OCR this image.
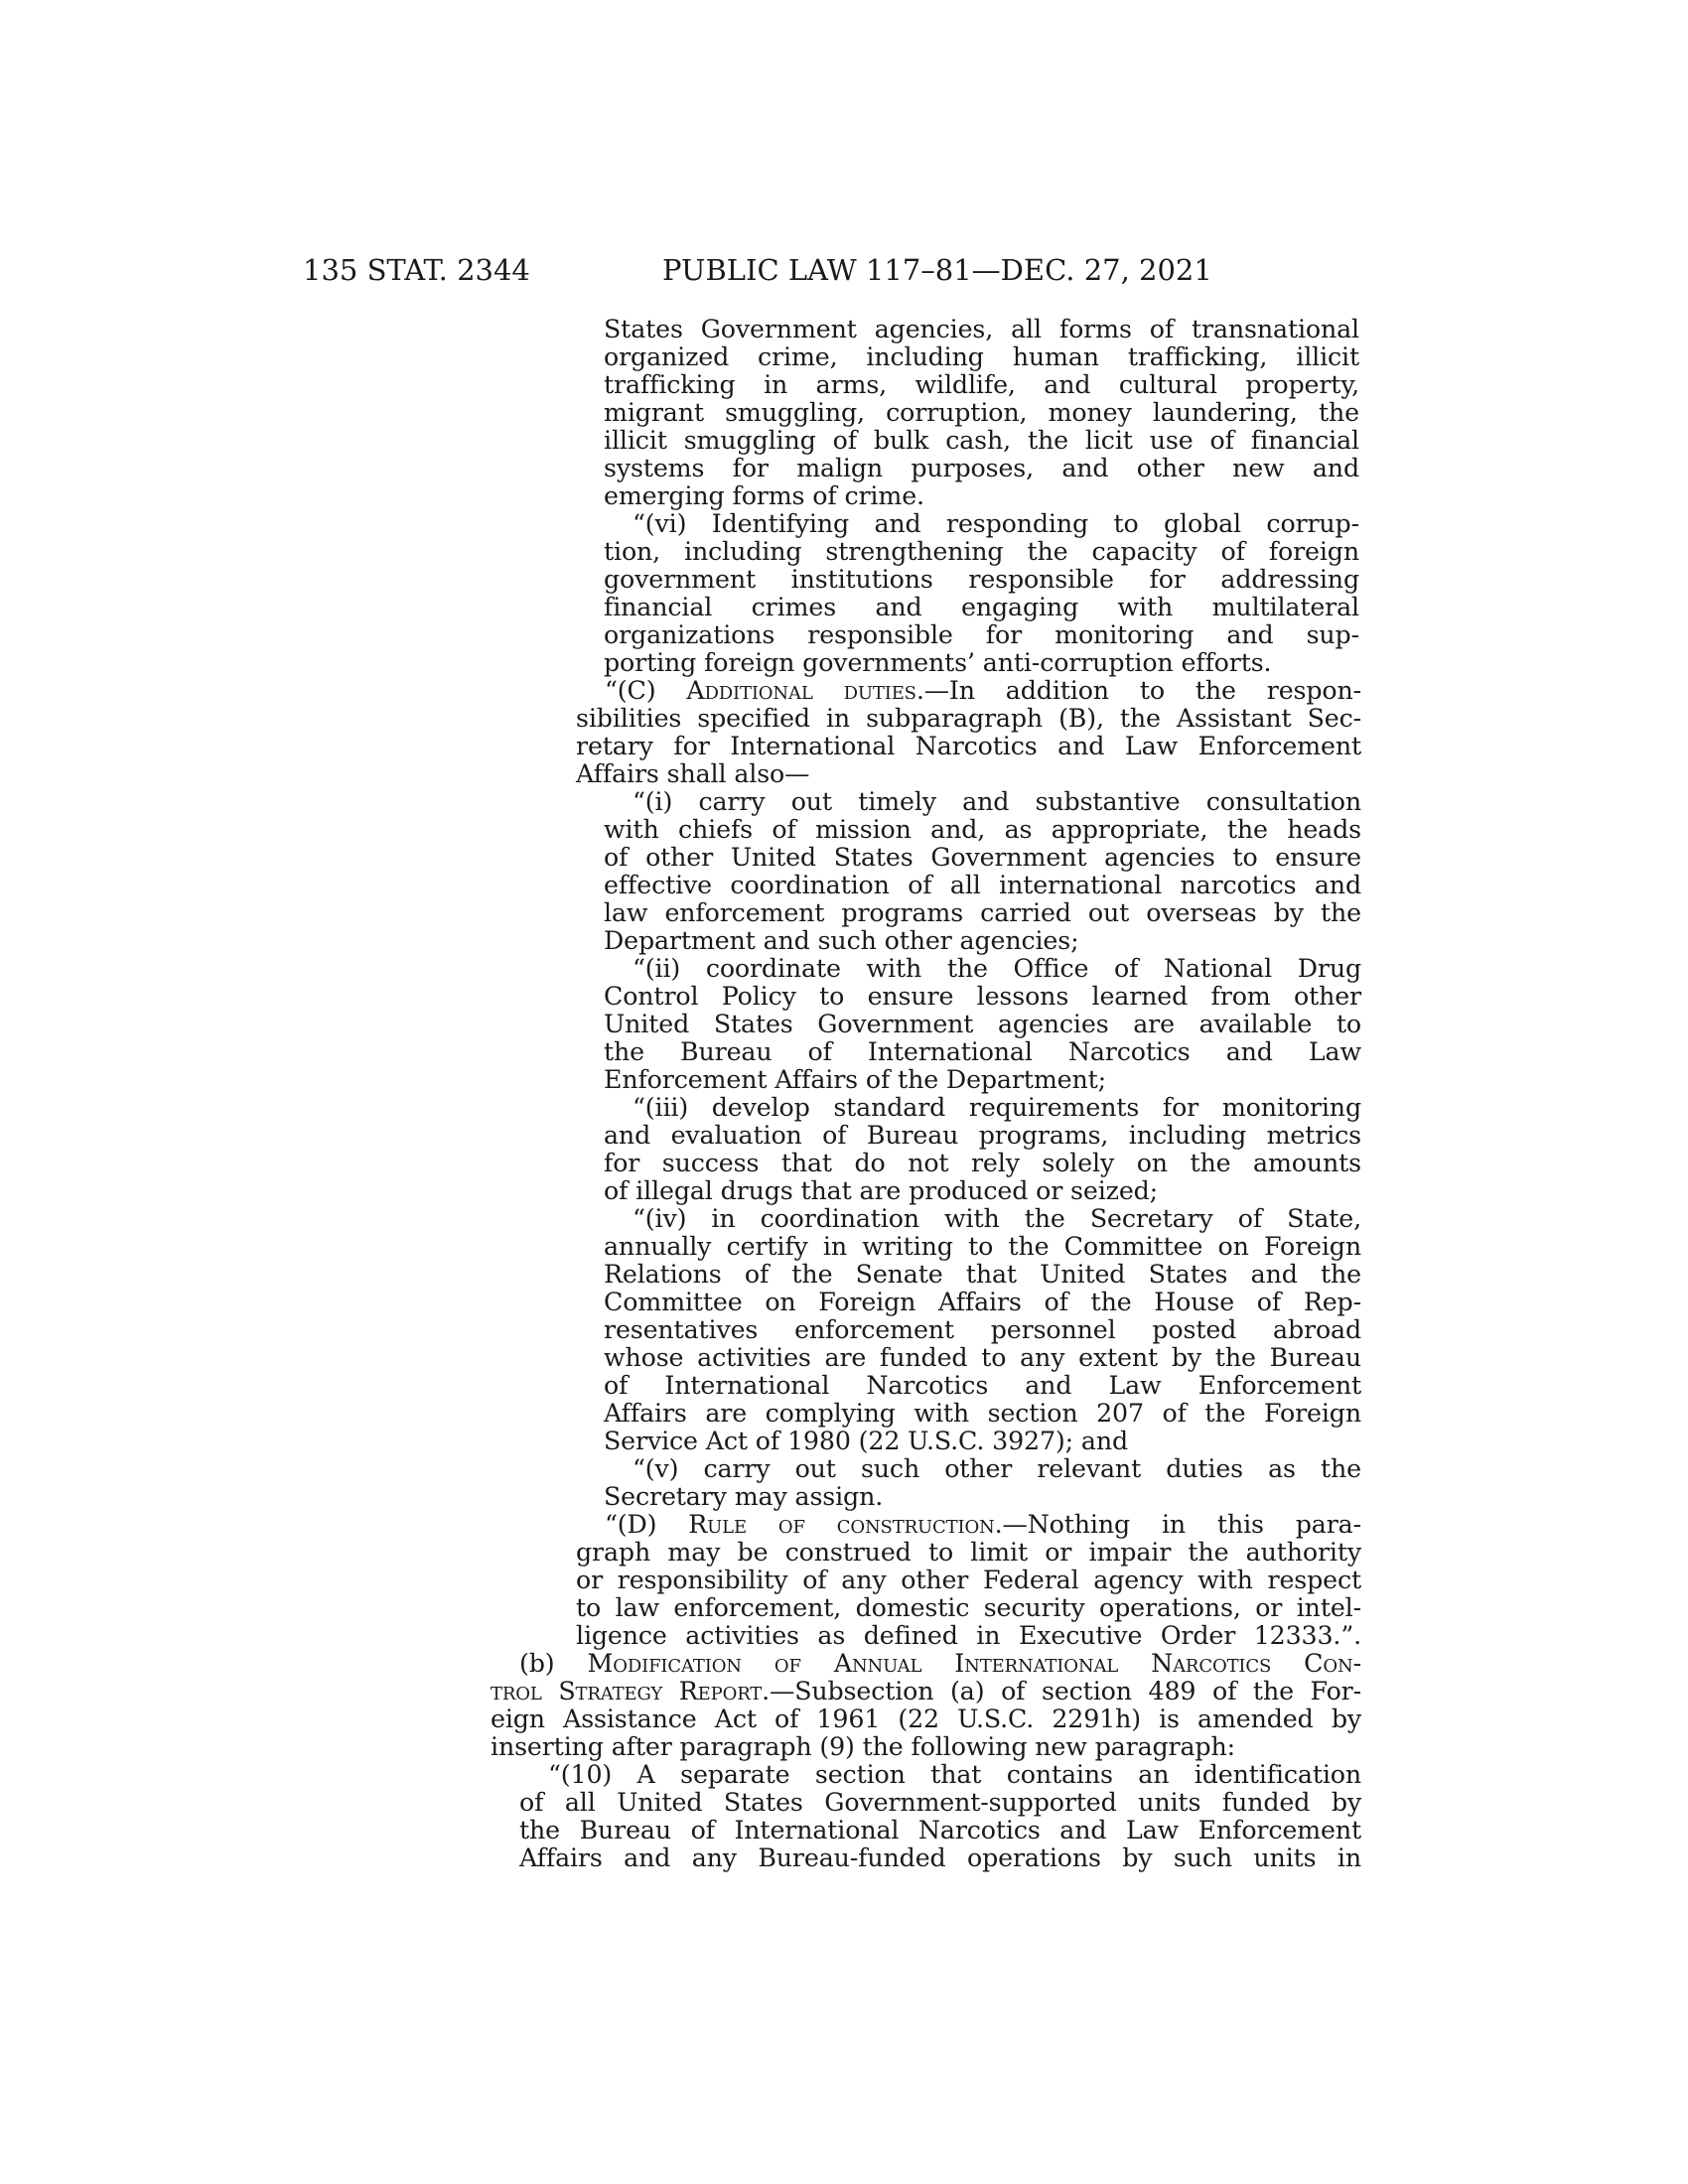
135 STAT. 2344	PUBLIC LAW 117–81—DEC. 27, 2021
States Government agencies, all forms of transnational
organized crime, including human trafficking, illicit
trafficking in arms, wildlife, and cultural property,
migrant smuggling, corruption, money laundering, the
illicit smuggling of bulk cash, the licit use of financial
systems for malign purposes, and other new and
emerging forms of crime.
“(vi) Identifying and responding to global corrup-
tion, including strengthening the capacity of foreign
government institutions responsible for addressing
financial crimes and engaging with multilateral
organizations responsible for monitoring and sup-
porting foreign governments’ anti-corruption efforts.
“(C) Additional duties.—In addition to the respon-
sibilities specified in subparagraph (B), the Assistant Sec-
retary for International Narcotics and Law Enforcement
Affairs shall also—
“(i) carry out timely and substantive consultation
with chiefs of mission and, as appropriate, the heads
of other United States Government agencies to ensure
effective coordination of all international narcotics and
law enforcement programs carried out overseas by the
Department and such other agencies;
“(ii) coordinate with the Office of National Drug
Control Policy to ensure lessons learned from other
United States Government agencies are available to
the Bureau of International Narcotics and Law
Enforcement Affairs of the Department;
“(iii) develop standard requirements for monitoring
and evaluation of Bureau programs, including metrics
for success that do not rely solely on the amounts
of illegal drugs that are produced or seized;
“(iv) in coordination with the Secretary of State,
annually certify in writing to the Committee on Foreign
Relations of the Senate that United States and the
Committee on Foreign Affairs of the House of Rep-
resentatives enforcement personnel posted abroad
whose activities are funded to any extent by the Bureau
of International Narcotics and Law Enforcement
Affairs are complying with section 207 of the Foreign
Service Act of 1980 (22 U.S.C. 3927); and
“(v) carry out such other relevant duties as the
Secretary may assign.
“(D) Rule of construction.—Nothing in this para-
graph may be construed to limit or impair the authority
or responsibility of any other Federal agency with respect
to law enforcement, domestic security operations, or intel-
ligence activities as defined in Executive Order 12333.”.
(b) Modification of Annual International Narcotics Con-
trol Strategy Report.—Subsection (a) of section 489 of the For-
eign Assistance Act of 1961 (22 U.S.C. 2291h) is amended by
inserting after paragraph (9) the following new paragraph:
“(10) A separate section that contains an identification
of all United States Government-supported units funded by
the Bureau of International Narcotics and Law Enforcement
Affairs and any Bureau-funded operations by such units in
